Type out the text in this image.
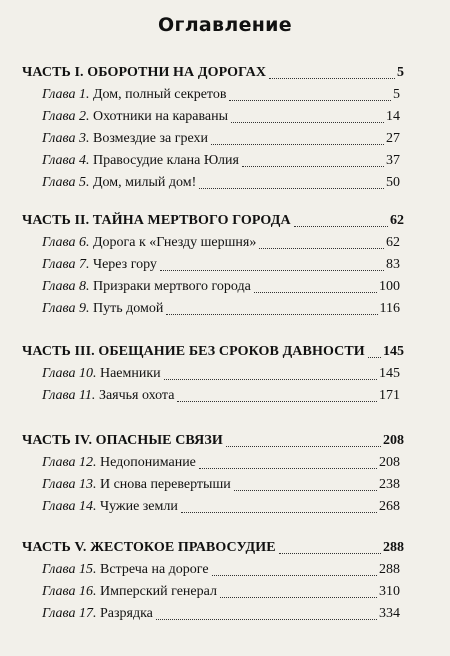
Оглавление
ЧАСТЬ I. ОБОРОТНИ НА ДОРОГАХ	5
Глава 1. Дом, полный секретов	5
Глава 2. Охотники на караваны	14
Глава 3. Возмездие за грехи	27
Глава 4. Правосудие клана Юлия	37
Глава 5. Дом, милый дом!	50
ЧАСТЬ II. ТАЙНА МЕРТВОГО ГОРОДА	62
Глава 6. Дорога к «Гнезду шершня»	62
Глава 7. Через гору	83
Глава 8. Призраки мертвого города	100
Глава 9. Путь домой	116
ЧАСТЬ III. ОБЕЩАНИЕ БЕЗ СРОКОВ ДАВНОСТИ 145
Глава 10. Наемники	145
Глава 11. Заячья охота	171
ЧАСТЬ IV. ОПАСНЫЕ СВЯЗИ	208
Глава 12. Недопонимание	208
Глава 13. И снова перевертыши	238
Глава 14. Чужие земли	268
ЧАСТЬ V. ЖЕСТОКОЕ ПРАВОСУДИЕ	288
Глава 15. Встреча на дороге	288
Глава 16. Имперский генерал	310
Глава 17. Разрядка	334
